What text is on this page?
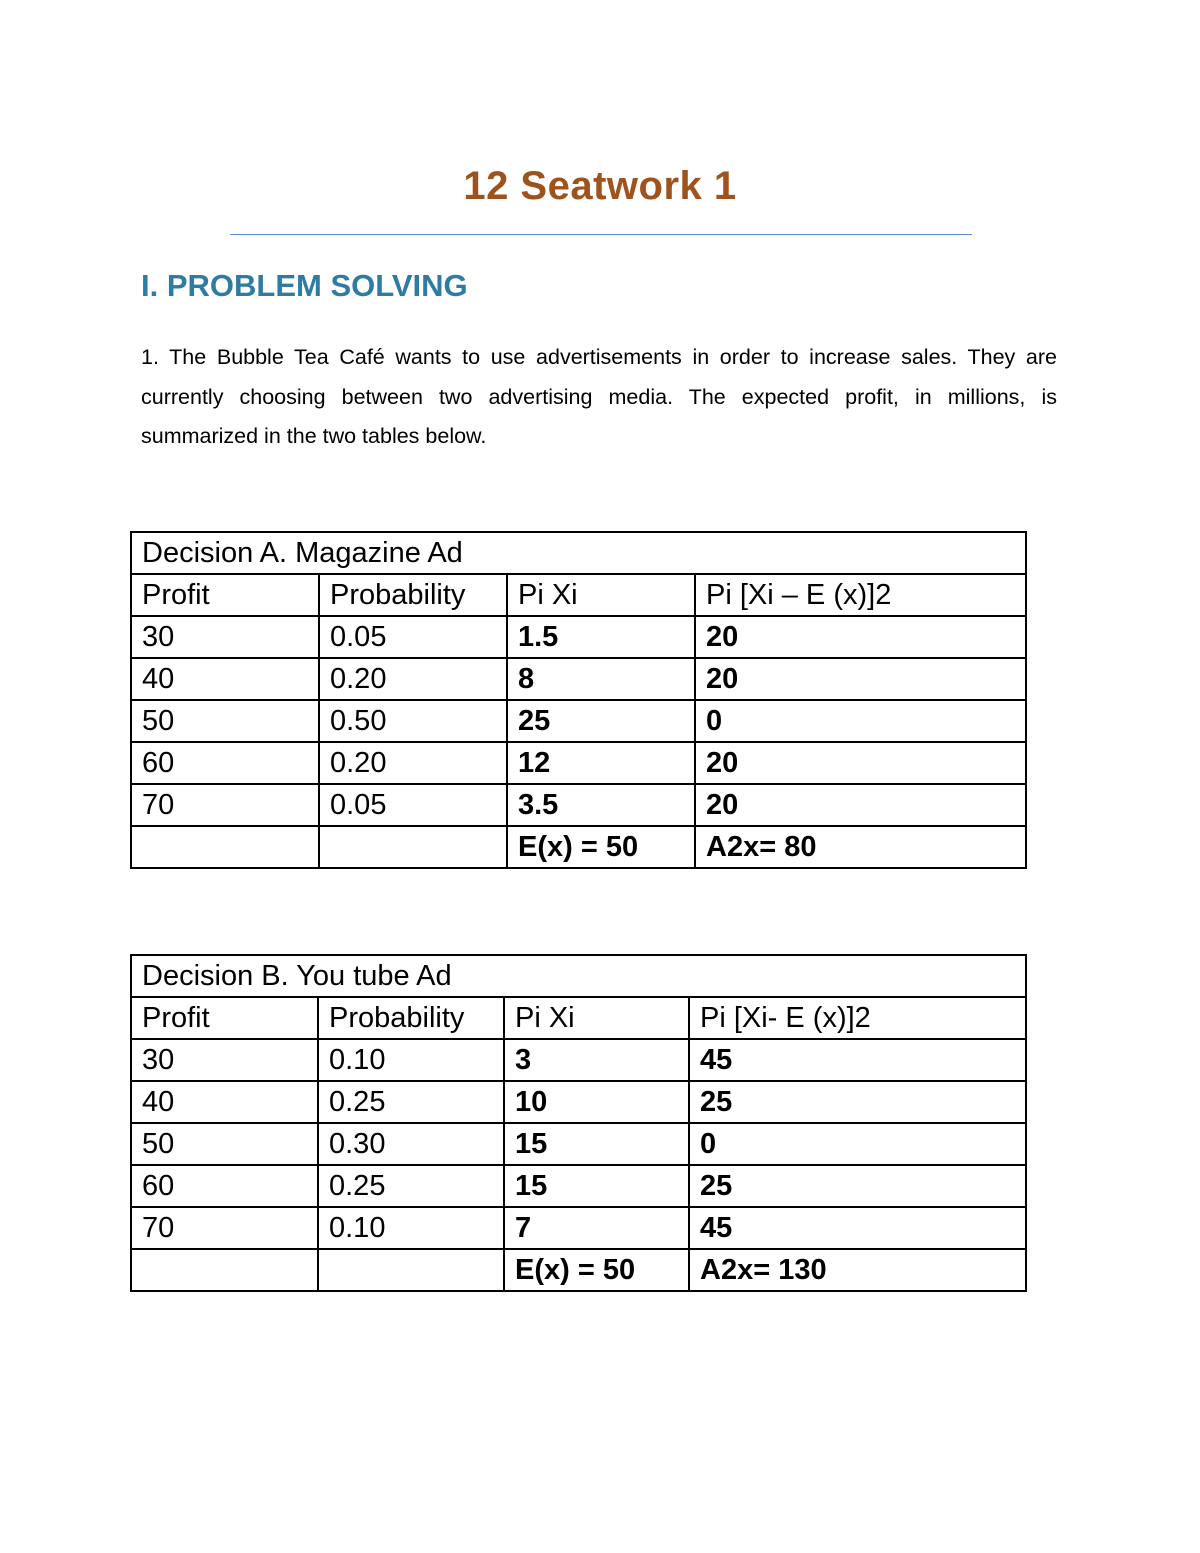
12 Seatwork 1
I. PROBLEM SOLVING
1. The Bubble Tea Café wants to use advertisements in order to increase sales. They are currently choosing between two advertising media. The expected profit, in millions, is summarized in the two tables below.
Decision A. Magazine Ad			
Profit	Probability	Pi Xi	Pi [Xi – E (x)]2
30	0.05	1.5	20
40	0.20	8	20
50	0.50	25	0
60	0.20	12	20
70	0.05	3.5	20
		E(x) = 50	A2x= 80
Decision B. You tube Ad			
Profit	Probability	Pi Xi	Pi [Xi- E (x)]2
30	0.10	3	45
40	0.25	10	25
50	0.30	15	0
60	0.25	15	25
70	0.10	7	45
		E(x) = 50	A2x= 130
